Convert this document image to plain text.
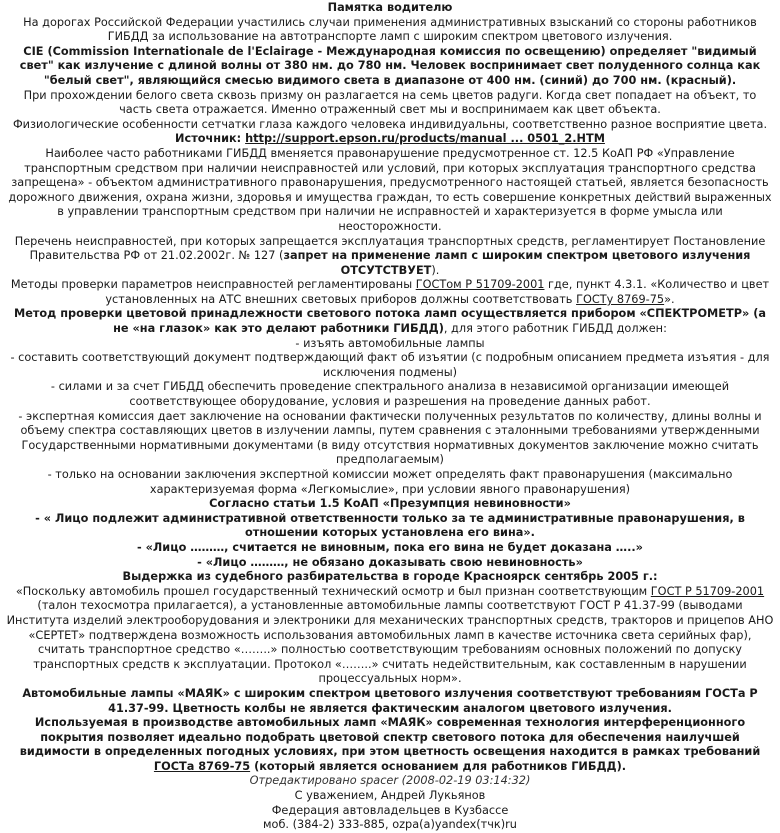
Памятка водителю
На дорогах Российской Федерации участились случаи применения административных взысканий со стороны работников ГИБДД за использование на автотранспорте ламп с широким спектром цветового излучения.
CIE (Commission Internationale de l'Eclairage - Международная комиссия по освещению) определяет "видимый свет" как излучение с длиной волны от 380 нм. до 780 нм. Человек воспринимает свет полуденного солнца как "белый свет", являющийся смесью видимого света в диапазоне от 400 нм. (синий) до 700 нм. (красный).
При прохождении белого света сквозь призму он разлагается на семь цветов радуги. Когда свет попадает на объект, то часть света отражается. Именно отраженный свет мы и воспринимаем как цвет объекта.
Физиологические особенности сетчатки глаза каждого человека индивидуальны, соответственно разное восприятие цвета.
Источник: http://support.epson.ru/products/manual ... 0501_2.HTM
Наиболее часто работниками ГИБДД вменяется правонарушение предусмотренное ст. 12.5 КоАП РФ «Управление транспортным средством при наличии неисправностей или условий, при которых эксплуатация транспортного средства запрещена» - объектом административного правонарушения, предусмотренного настоящей статьей, является безопасность дорожного движения, охрана жизни, здоровья и имущества граждан, то есть совершение конкретных действий выраженных в управлении транспортным средством при наличии не исправностей и характеризуется в форме умысла или неосторожности.
Перечень неисправностей, при которых запрещается эксплуатация транспортных средств, регламентирует Постановление Правительства РФ от 21.02.2002г. № 127 (запрет на применение ламп с широким спектром цветового излучения ОТСУТСТВУЕТ).
Методы проверки параметров неисправностей регламентированы ГОСТом Р 51709-2001 где, пункт 4.3.1. «Количество и цвет установленных на АТС внешних световых приборов должны соответствовать ГОСТу 8769-75».
Метод проверки цветовой принадлежности светового потока ламп осуществляется прибором «СПЕКТРОМЕТР» (а не «на глазок» как это делают работники ГИБДД), для этого работник ГИБДД должен:
- изъять автомобильные лампы
- составить соответствующий документ подтверждающий факт об изъятии (с подробным описанием предмета изъятия - для исключения подмены)
- силами и за счет ГИБДД обеспечить проведение спектрального анализа в независимой организации имеющей соответствующее оборудование, условия и разрешения на проведение данных работ.
- экспертная комиссия дает заключение на основании фактически полученных результатов по количеству, длины волны и объему спектра составляющих цветов в излучении лампы, путем сравнения с эталонными требованиями утвержденными Государственными нормативными документами (в виду отсутствия нормативных документов заключение можно считать предполагаемым)
- только на основании заключения экспертной комиссии может определять факт правонарушения (максимально характеризуемая форма «Легкомыслие», при условии явного правонарушения)
Согласно статьи 1.5 КоАП «Презумпция невиновности»
- « Лицо подлежит административной ответственности только за те административные правонарушения, в отношении которых установлена его вина».
- «Лицо ………, считается не виновным, пока его вина не будет доказана …..»
- «Лицо ………, не обязано доказывать свою невиновность»
Выдержка из судебного разбирательства в городе Красноярск сентябрь 2005 г.:
«Поскольку автомобиль прошел государственный технический осмотр и был признан соответствующим ГОСТ Р 51709-2001 (талон техосмотра прилагается), а установленные автомобильные лампы соответствуют ГОСТ Р 41.37-99 (выводами Института изделий электрооборудования и электроники для механических транспортных средств, тракторов и прицепов АНО «СЕРТЕТ» подтверждена возможность использования автомобильных ламп в качестве источника света серийных фар), считать транспортное средство «……..» полностью соответствующим требованиям основных положений по допуску транспортных средств к эксплуатации. Протокол «……..» считать недействительным, как составленным в нарушении процессуальных норм».
Автомобильные лампы «МАЯК» с широким спектром цветового излучения соответствуют требованиям ГОСТа Р 41.37-99. Цветность колбы не является фактическим аналогом цветового излучения.
Используемая в производстве автомобильных ламп «МАЯК» современная технология интерференционного покрытия позволяет идеально подобрать цветовой спектр светового потока для обеспечения наилучшей видимости в определенных погодных условиях, при этом цветность освещения находится в рамках требований ГОСТа 8769-75 (который является основанием для работников ГИБДД).
Отредактировано spacer (2008-02-19 03:14:32)
С уважением, Андрей Лукьянов
Федерация автовладельцев в Кузбассе
моб. (384-2) 333-885, ozpa(a)yandex(тчк)ru
